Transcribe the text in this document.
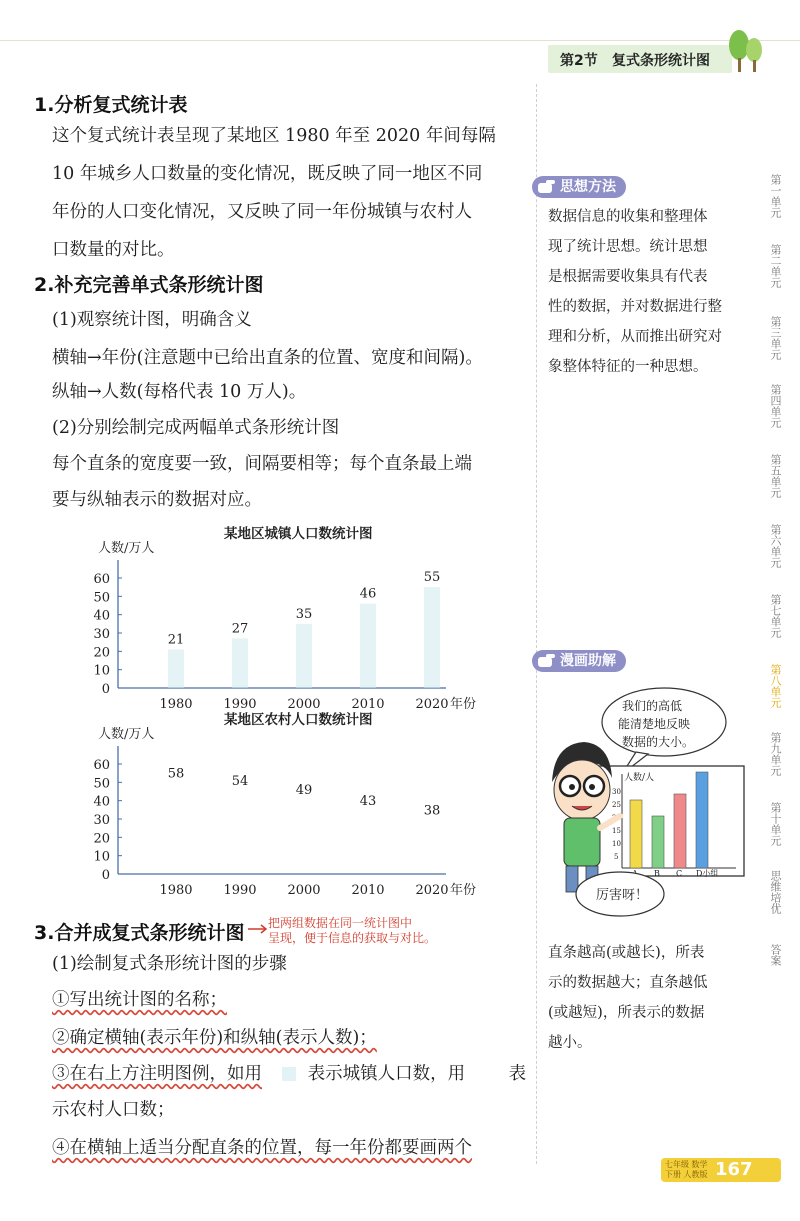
第2节 复式条形统计图
1.分析复式统计表
这个复式统计表呈现了某地区 1980 年至 2020 年间每隔
10 年城乡人口数量的变化情况，既反映了同一地区不同
年份的人口变化情况，又反映了同一年份城镇与农村人
口数量的对比。
2.补充完善单式条形统计图
(1)观察统计图，明确含义
横轴→年份(注意题中已给出直条的位置、宽度和间隔)。
纵轴→人数(每格代表 10 万人)。
(2)分别绘制完成两幅单式条形统计图
每个直条的宽度要一致，间隔要相等；每个直条最上端
要与纵轴表示的数据对应。
某地区城镇人口数统计图
人数/万人
0
10
20
30
40
50
60
1980
21
1990
27
2000
35
2010
46
2020
55
年份
某地区农村人口数统计图
人数/万人
0
10
20
30
40
50
60
1980
58
1990
54
2000
49
2010
43
2020
38
年份
3.合并成复式条形统计图 把两组数据在同一统计图中
呈现，便于信息的获取与对比。
(1)绘制复式条形统计图的步骤
①写出统计图的名称；
②确定横轴(表示年份)和纵轴(表示人数)；
③在右上方注明图例，如用	表示城镇人口数，用 表
示农村人口数；
④在横轴上适当分配直条的位置，每一年份都要画两个
思想方法
数据信息的收集和整理体
现了统计思想。统计思想
是根据需要收集具有代表
性的数据，并对数据进行整
理和分析，从而推出研究对
象整体特征的一种思想。
漫画助解
我们的高低
能清楚地反映
数据的大小。
人数/人
30
25
15
10
5
B C D小组
厉害呀！
直条越高(或越长)，所表
示的数据越大；直条越低
(或越短)，所表示的数据
越小。
第一单元
第二单元
第三单元
第四单元
第五单元
第六单元
第七单元
第八单元
第九单元
第十单元
思维培优
答案
七年级 数学
下册 人教版 167
